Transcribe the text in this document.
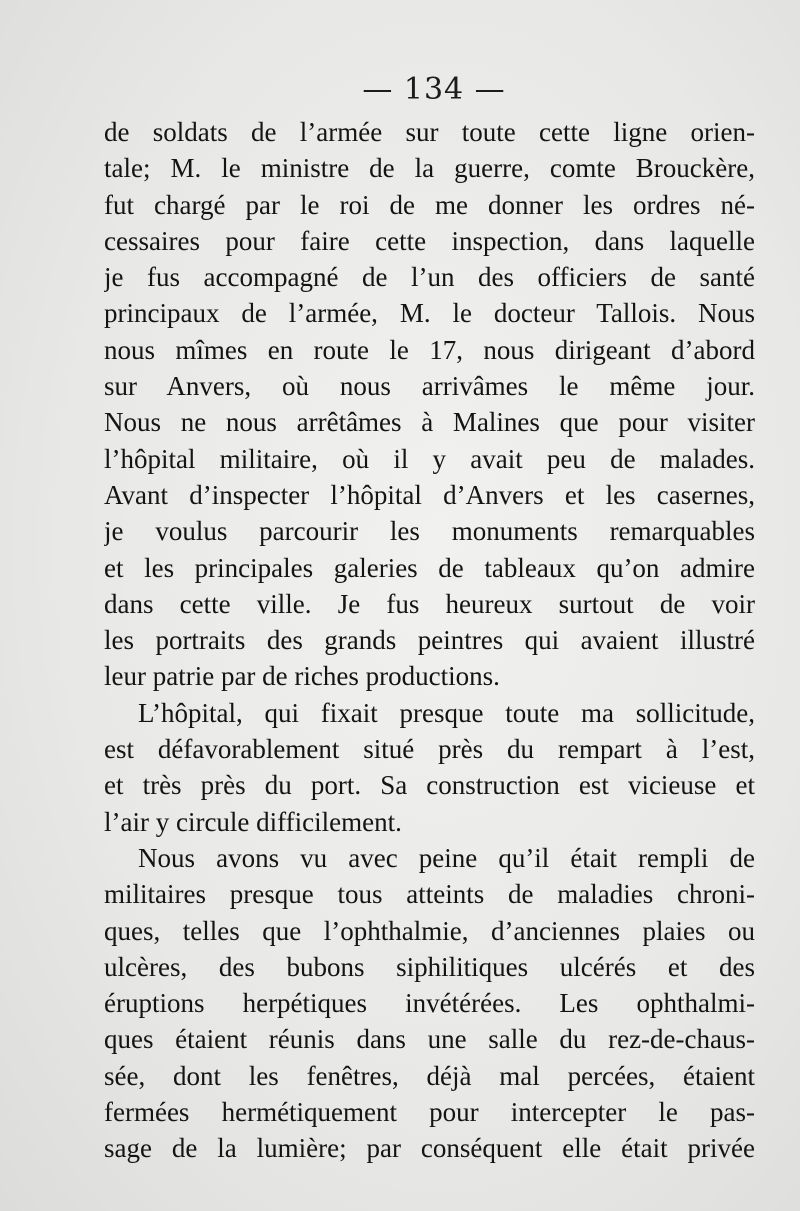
— 134 —
de soldats de l’armée sur toute cette ligne orien-
tale; M. le ministre de la guerre, comte Brouckère,
fut chargé par le roi de me donner les ordres né-
cessaires pour faire cette inspection, dans laquelle
je fus accompagné de l’un des officiers de santé
principaux de l’armée, M. le docteur Tallois. Nous
nous mîmes en route le 17, nous dirigeant d’abord
sur Anvers, où nous arrivâmes le même jour.
Nous ne nous arrêtâmes à Malines que pour visiter
l’hôpital militaire, où il y avait peu de malades.
Avant d’inspecter l’hôpital d’Anvers et les casernes,
je voulus parcourir les monuments remarquables
et les principales galeries de tableaux qu’on admire
dans cette ville. Je fus heureux surtout de voir
les portraits des grands peintres qui avaient illustré
leur patrie par de riches productions.
L’hôpital, qui fixait presque toute ma sollicitude,
est défavorablement situé près du rempart à l’est,
et très près du port. Sa construction est vicieuse et
l’air y circule difficilement.
Nous avons vu avec peine qu’il était rempli de
militaires presque tous atteints de maladies chroni-
ques, telles que l’ophthalmie, d’anciennes plaies ou
ulcères, des bubons siphilitiques ulcérés et des
éruptions herpétiques invétérées. Les ophthalmi-
ques étaient réunis dans une salle du rez-de-chaus-
sée, dont les fenêtres, déjà mal percées, étaient
fermées hermétiquement pour intercepter le pas-
sage de la lumière; par conséquent elle était privée
